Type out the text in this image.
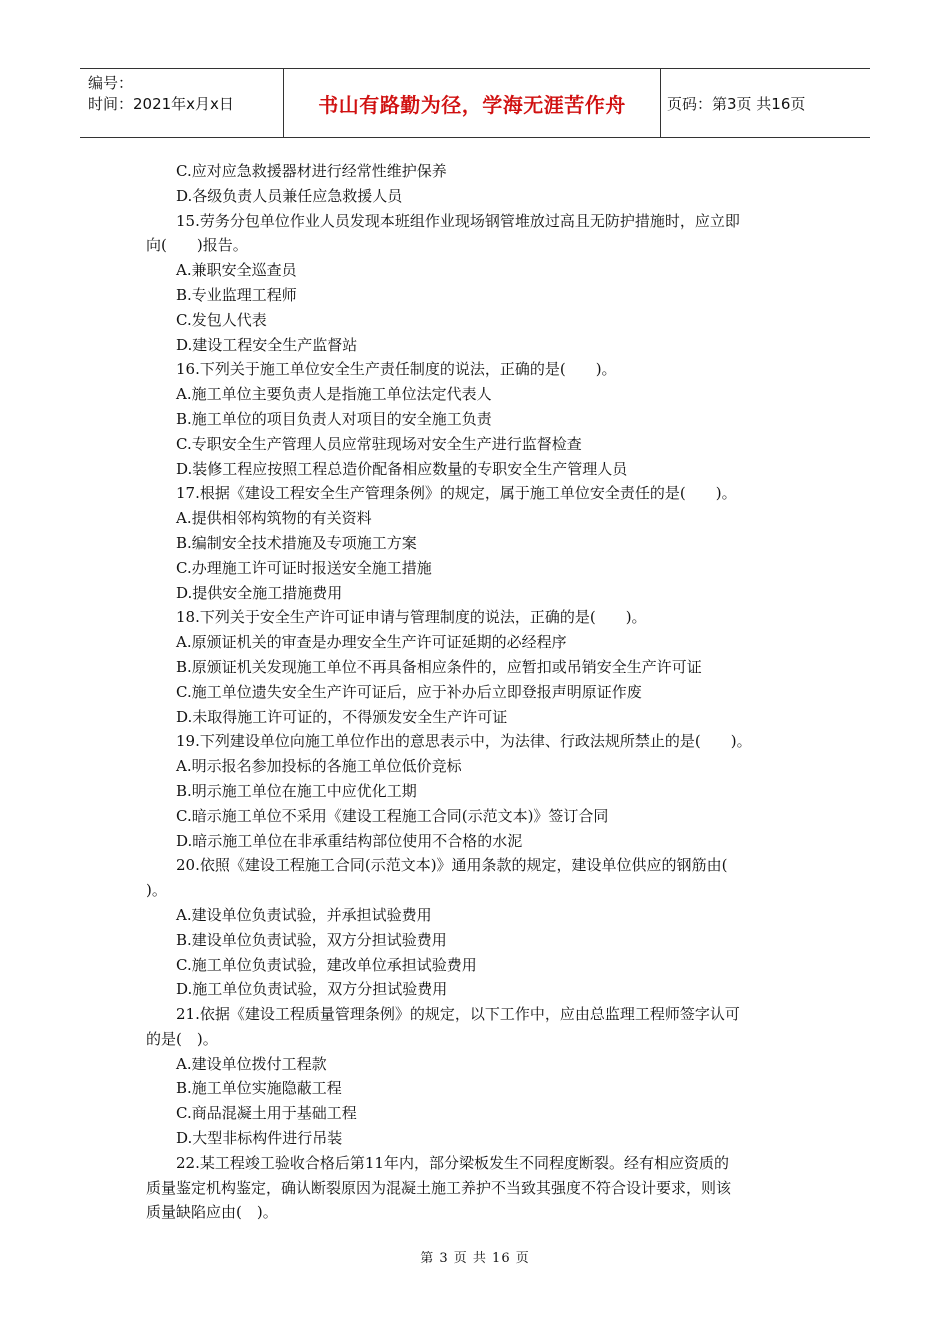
编号：
时间：2021年x月x日	书山有路勤为径，学海无涯苦作舟	页码：第3页 共16页
C.应对应急救援器材进行经常性维护保养
D.各级负责人员兼任应急救援人员
15.劳务分包单位作业人员发现本班组作业现场钢管堆放过高且无防护措施时，应立即
向(　　)报告。
A.兼职安全巡查员
B.专业监理工程师
C.发包人代表
D.建设工程安全生产监督站
16.下列关于施工单位安全生产责任制度的说法，正确的是(　　)。
A.施工单位主要负责人是指施工单位法定代表人
B.施工单位的项目负责人对项目的安全施工负责
C.专职安全生产管理人员应常驻现场对安全生产进行监督检查
D.装修工程应按照工程总造价配备相应数量的专职安全生产管理人员
17.根据《建设工程安全生产管理条例》的规定，属于施工单位安全责任的是(　　)。
A.提供相邻构筑物的有关资料
B.编制安全技术措施及专项施工方案
C.办理施工许可证时报送安全施工措施
D.提供安全施工措施费用
18.下列关于安全生产许可证申请与管理制度的说法，正确的是(　　)。
A.原颁证机关的审查是办理安全生产许可证延期的必经程序
B.原颁证机关发现施工单位不再具备相应条件的，应暂扣或吊销安全生产许可证
C.施工单位遗失安全生产许可证后，应于补办后立即登报声明原证作废
D.未取得施工许可证的，不得颁发安全生产许可证
19.下列建设单位向施工单位作出的意思表示中，为法律、行政法规所禁止的是(　　)。
A.明示报名参加投标的各施工单位低价竞标
B.明示施工单位在施工中应优化工期
C.暗示施工单位不采用《建设工程施工合同(示范文本)》签订合同
D.暗示施工单位在非承重结构部位使用不合格的水泥
20.依照《建设工程施工合同(示范文本)》通用条款的规定，建设单位供应的钢筋由(
)。
A.建设单位负责试验，并承担试验费用
B.建设单位负责试验，双方分担试验费用
C.施工单位负责试验，建改单位承担试验费用
D.施工单位负责试验，双方分担试验费用
21.依据《建设工程质量管理条例》的规定，以下工作中，应由总监理工程师签字认可
的是(　)。
A.建设单位拨付工程款
B.施工单位实施隐蔽工程
C.商品混凝土用于基础工程
D.大型非标构件进行吊装
22.某工程竣工验收合格后第11年内，部分梁板发生不同程度断裂。经有相应资质的
质量鉴定机构鉴定，确认断裂原因为混凝土施工养护不当致其强度不符合设计要求，则该
质量缺陷应由(　)。
第 3 页 共 16 页
